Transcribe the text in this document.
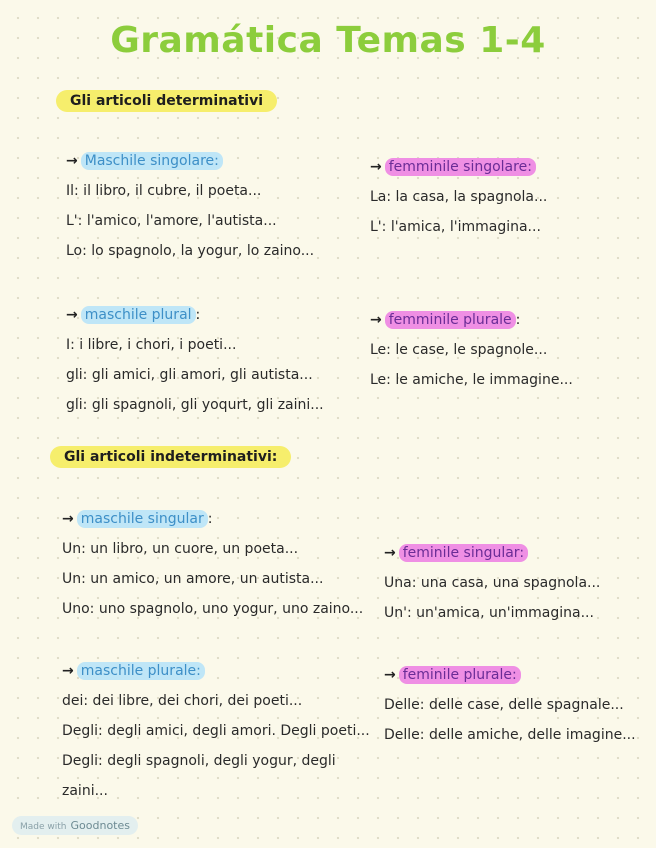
Gramática Temas 1-4
Gli articoli determinativi
→ Maschile singolare:
Il: il libro, il cubre, il poeta...
L': l'amico, l'amore, l'autista...
Lo: lo spagnolo, la yogur, lo zaino...
→ femminile singolare:
La: la casa, la spagnola...
L': l'amica, l'immagina...
→ maschile plural :
I: i libre, i chori, i poeti...
gli: gli amici, gli amori, gli autista...
gli: gli spagnoli, gli yoqurt, gli zaini...
→ femminile plurale :
Le: le case, le spagnole...
Le: le amiche, le immagine...
Gli articoli indeterminativi:
→ maschile singular :
Un: un libro, un cuore, un poeta...
Un: un amico, un amore, un autista...
Uno: uno spagnolo, uno yogur, uno zaino...
→ feminile singular:
Una: una casa, una spagnola...
Un': un'amica, un'immagina...
→ maschile plurale:
dei: dei libre, dei chori, dei poeti...
Degli: degli amici, degli amori. Degli poeti...
Degli: degli spagnoli, degli yogur, degli
zaini...
→ feminile plurale:
Delle: delle case, delle spagnale...
Delle: delle amiche, delle imagine...
Made with Goodnotes
